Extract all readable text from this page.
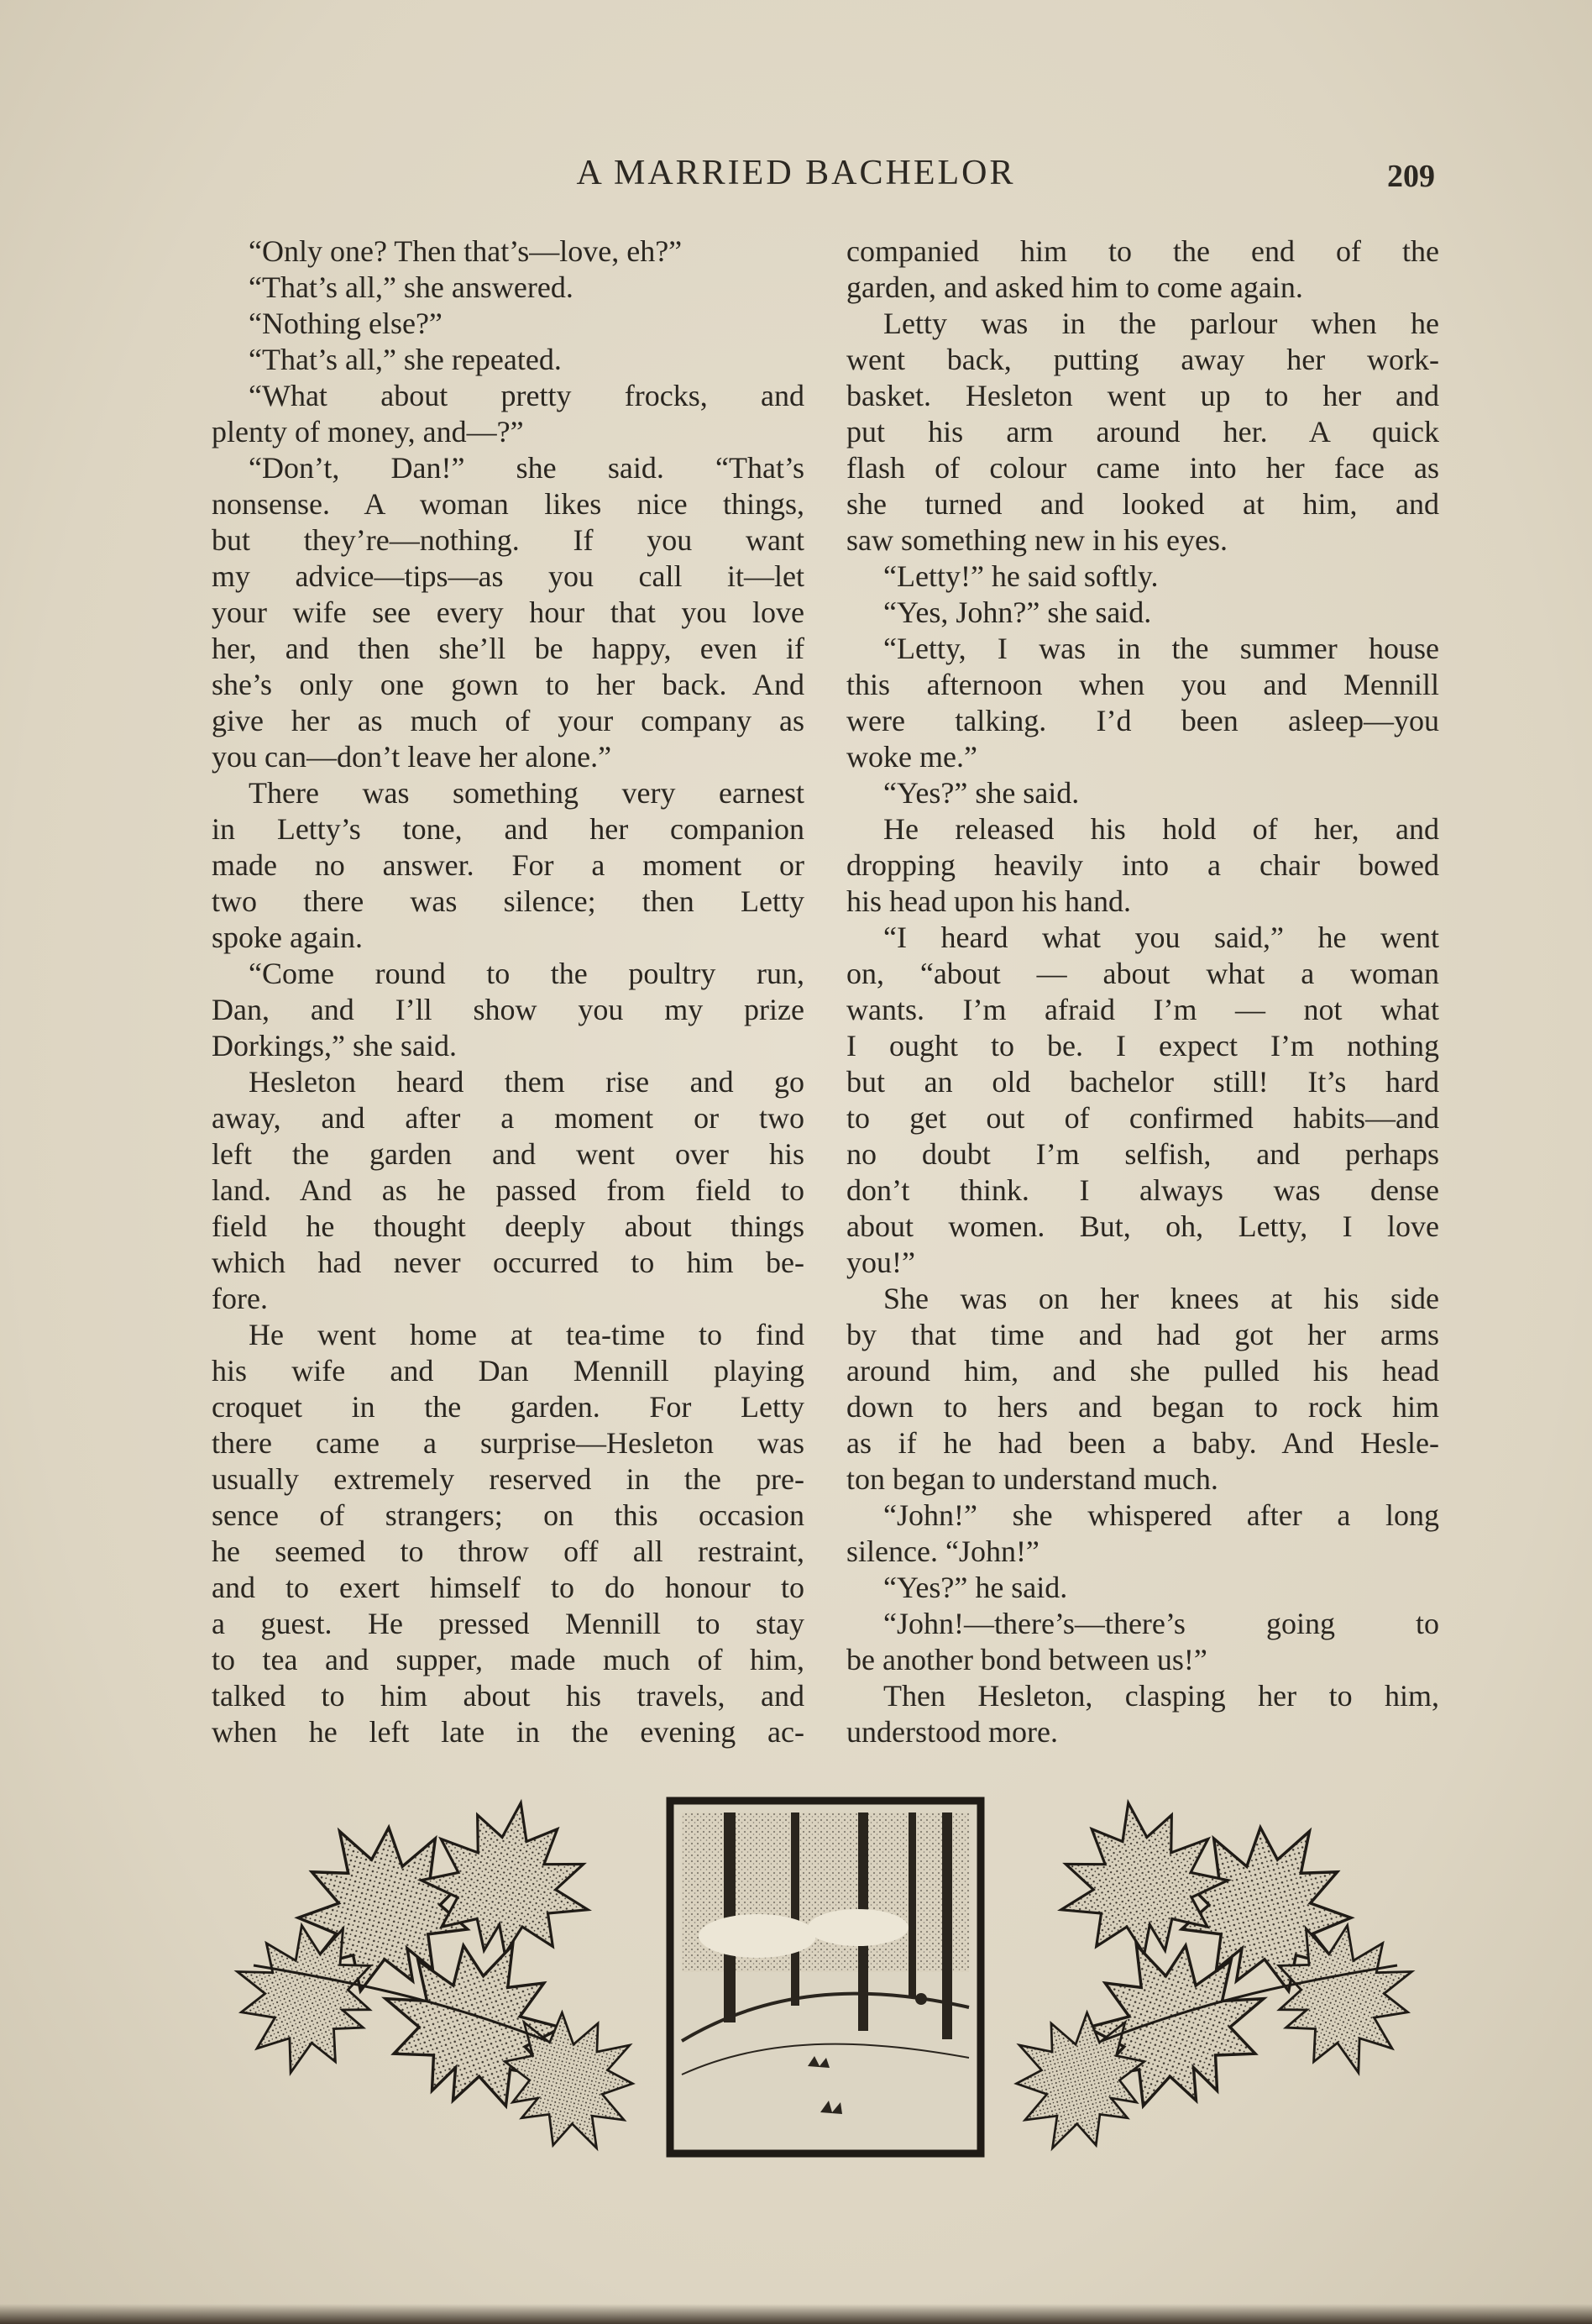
A MARRIED BACHELOR	209
“Only one? Then that’s—love, eh?”
“That’s all,” she answered.
“Nothing else?”
“That’s all,” she repeated.
“What about pretty frocks, and
plenty of money, and—?”
“Don’t, Dan!” she said. “That’s
nonsense. A woman likes nice things,
but they’re—nothing. If you want
my advice—tips—as you call it—let
your wife see every hour that you love
her, and then she’ll be happy, even if
she’s only one gown to her back. And
give her as much of your company as
you can—don’t leave her alone.”
There was something very earnest
in Letty’s tone, and her companion
made no answer. For a moment or
two there was silence; then Letty
spoke again.
“Come round to the poultry run,
Dan, and I’ll show you my prize
Dorkings,” she said.
Hesleton heard them rise and go
away, and after a moment or two
left the garden and went over his
land. And as he passed from field to
field he thought deeply about things
which had never occurred to him be-
fore.
He went home at tea-time to find
his wife and Dan Mennill playing
croquet in the garden. For Letty
there came a surprise—Hesleton was
usually extremely reserved in the pre-
sence of strangers; on this occasion
he seemed to throw off all restraint,
and to exert himself to do honour to
a guest. He pressed Mennill to stay
to tea and supper, made much of him,
talked to him about his travels, and
when he left late in the evening ac-
companied him to the end of the
garden, and asked him to come again.
Letty was in the parlour when he
went back, putting away her work-
basket. Hesleton went up to her and
put his arm around her. A quick
flash of colour came into her face as
she turned and looked at him, and
saw something new in his eyes.
“Letty!” he said softly.
“Yes, John?” she said.
“Letty, I was in the summer house
this afternoon when you and Mennill
were talking. I’d been asleep—you
woke me.”
“Yes?” she said.
He released his hold of her, and
dropping heavily into a chair bowed
his head upon his hand.
“I heard what you said,” he went
on, “about — about what a woman
wants. I’m afraid I’m — not what
I ought to be. I expect I’m nothing
but an old bachelor still! It’s hard
to get out of confirmed habits—and
no doubt I’m selfish, and perhaps
don’t think. I always was dense
about women. But, oh, Letty, I love
you!”
She was on her knees at his side
by that time and had got her arms
around him, and she pulled his head
down to hers and began to rock him
as if he had been a baby. And Hesle-
ton began to understand much.
“John!” she whispered after a long
silence. “John!”
“Yes?” he said.
“John!—there’s—there’s going to
be another bond between us!”
Then Hesleton, clasping her to him,
understood more.
